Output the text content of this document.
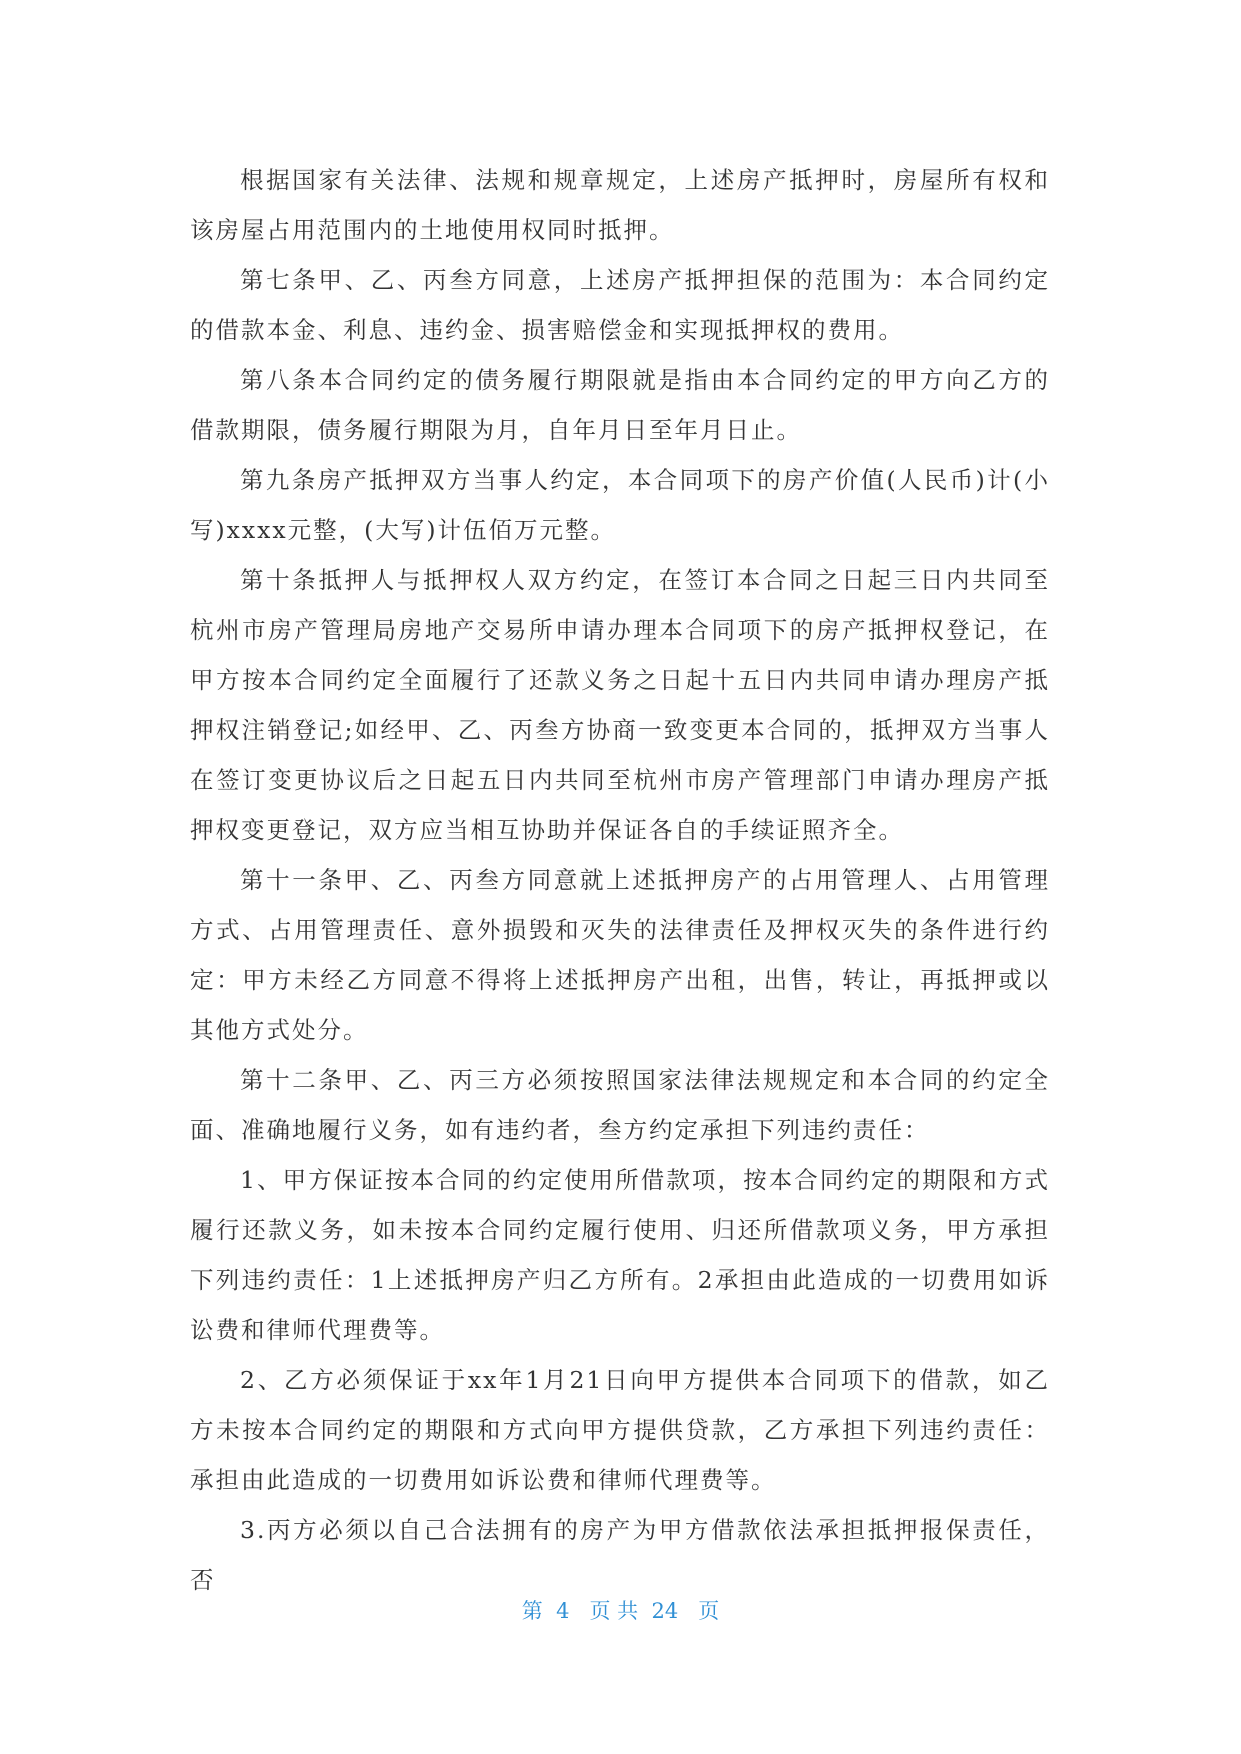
根据国家有关法律、法规和规章规定，上述房产抵押时，房屋所有权和该房屋占用范围内的土地使用权同时抵押。

第七条甲、乙、丙叁方同意，上述房产抵押担保的范围为：本合同约定的借款本金、利息、违约金、损害赔偿金和实现抵押权的费用。

第八条本合同约定的债务履行期限就是指由本合同约定的甲方向乙方的借款期限，债务履行期限为月，自年月日至年月日止。

第九条房产抵押双方当事人约定，本合同项下的房产价值(人民币)计(小写)xxxx元整，(大写)计伍佰万元整。

第十条抵押人与抵押权人双方约定，在签订本合同之日起三日内共同至杭州市房产管理局房地产交易所申请办理本合同项下的房产抵押权登记，在甲方按本合同约定全面履行了还款义务之日起十五日内共同申请办理房产抵押权注销登记;如经甲、乙、丙叁方协商一致变更本合同的，抵押双方当事人在签订变更协议后之日起五日内共同至杭州市房产管理部门申请办理房产抵押权变更登记，双方应当相互协助并保证各自的手续证照齐全。

第十一条甲、乙、丙叁方同意就上述抵押房产的占用管理人、占用管理方式、占用管理责任、意外损毁和灭失的法律责任及押权灭失的条件进行约定：甲方未经乙方同意不得将上述抵押房产出租，出售，转让，再抵押或以其他方式处分。

第十二条甲、乙、丙三方必须按照国家法律法规规定和本合同的约定全面、准确地履行义务，如有违约者，叁方约定承担下列违约责任：

1、甲方保证按本合同的约定使用所借款项，按本合同约定的期限和方式履行还款义务，如未按本合同约定履行使用、归还所借款项义务，甲方承担下列违约责任：1上述抵押房产归乙方所有。2承担由此造成的一切费用如诉讼费和律师代理费等。

2、乙方必须保证于xx年1月21日向甲方提供本合同项下的借款，如乙方未按本合同约定的期限和方式向甲方提供贷款，乙方承担下列违约责任：承担由此造成的一切费用如诉讼费和律师代理费等。

3.丙方必须以自己合法拥有的房产为甲方借款依法承担抵押报保责任，否

第  4   页 共  24   页
